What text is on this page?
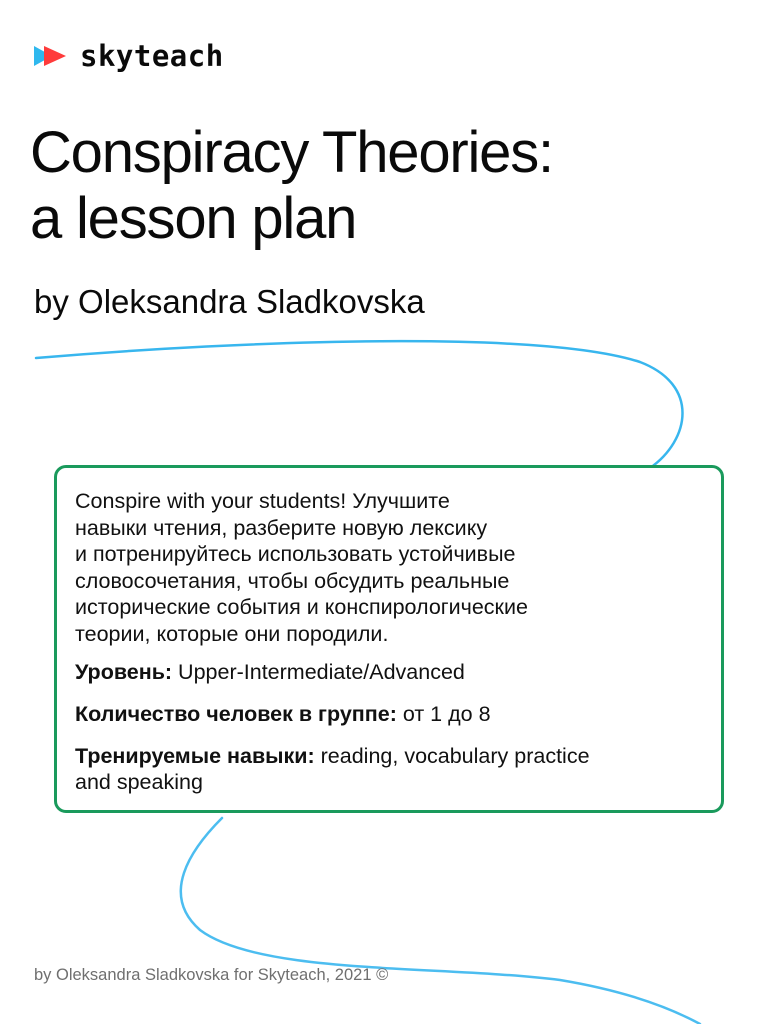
skyteach
Conspiracy Theories:
a lesson plan
by Oleksandra Sladkovska

Conspire with your students! Улучшите
навыки чтения, разберите новую лексику
и потренируйтесь использовать устойчивые
словосочетания, чтобы обсудить реальные
исторические события и конспирологические
теории, которые они породили.

Уровень: Upper-Intermediate/Advanced

Количество человек в группе: от 1 до 8

Тренируемые навыки: reading, vocabulary practice
and speaking

by Oleksandra Sladkovska for Skyteach, 2021 ©
